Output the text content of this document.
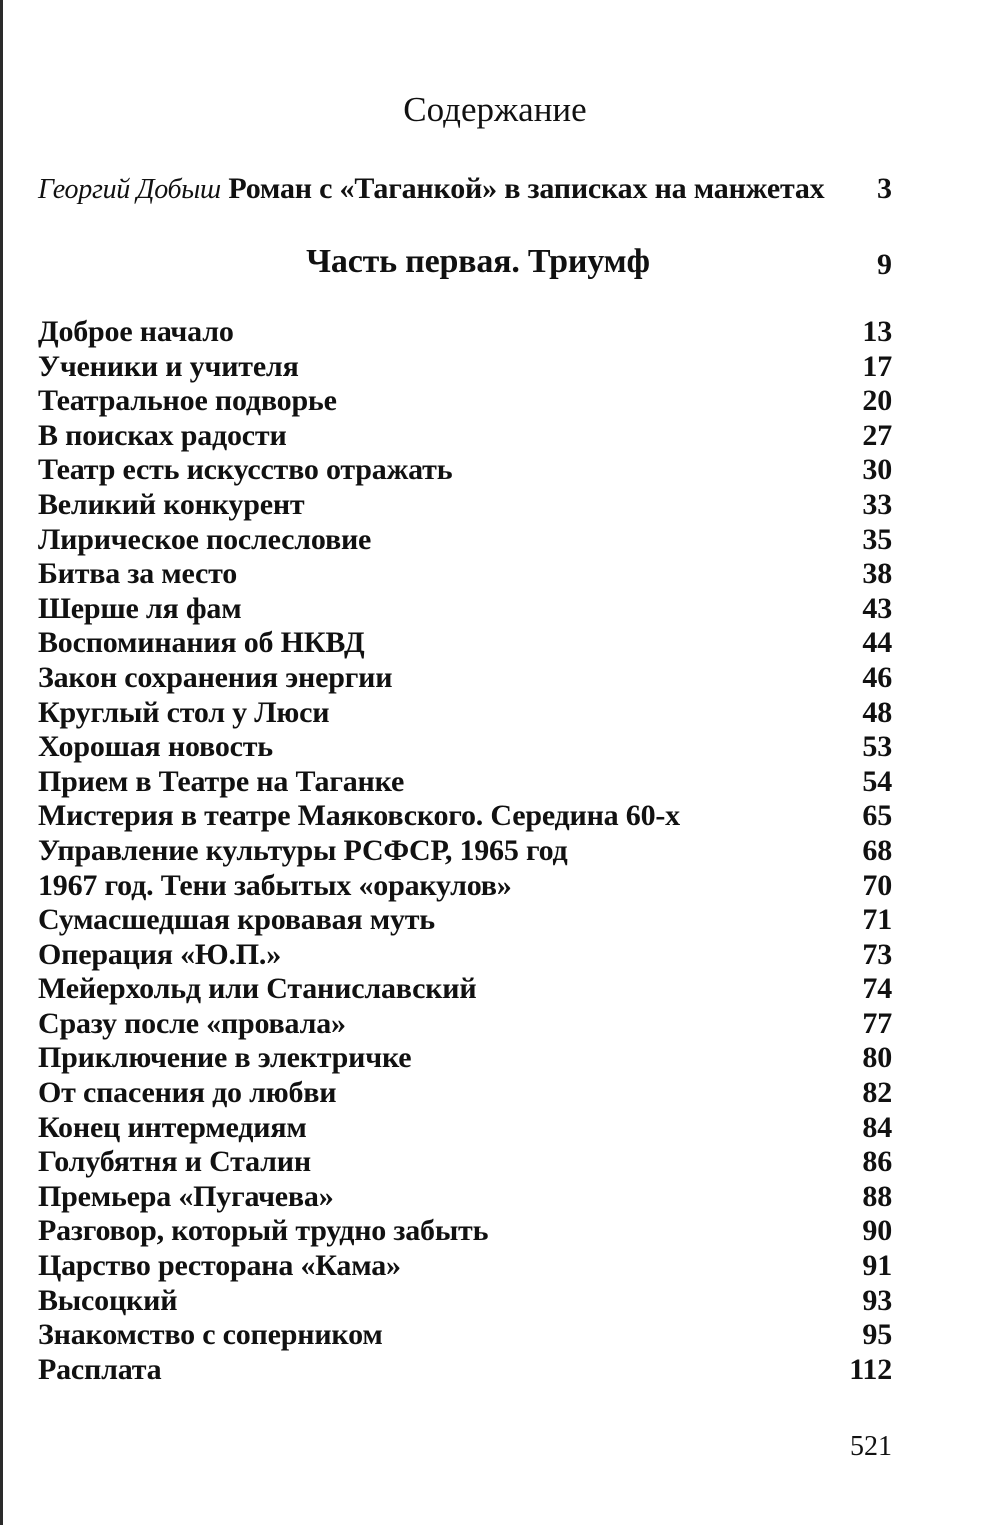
Содержание
Георгий Добыш Роман с «Таганкой» в записках на манжетах	3
Часть первая. Триумф	9
Доброе начало	13
Ученики и учителя	17
Театральное подворье	20
В поисках радости	27
Театр есть искусство отражать	30
Великий конкурент	33
Лирическое послесловие	35
Битва за место	38
Шерше ля фам	43
Воспоминания об НКВД	44
Закон сохранения энергии	46
Круглый стол у Люси	48
Хорошая новость	53
Прием в Театре на Таганке	54
Мистерия в театре Маяковского. Середина 60-х	65
Управление культуры РСФСР, 1965 год	68
1967 год. Тени забытых «оракулов»	70
Сумасшедшая кровавая муть	71
Операция «Ю.П.»	73
Мейерхольд или Станиславский	74
Сразу после «провала»	77
Приключение в электричке	80
От спасения до любви	82
Конец интермедиям	84
Голубятня и Сталин	86
Премьера «Пугачева»	88
Разговор, который трудно забыть	90
Царство ресторана «Кама»	91
Высоцкий	93
Знакомство с соперником	95
Расплата	112
521
